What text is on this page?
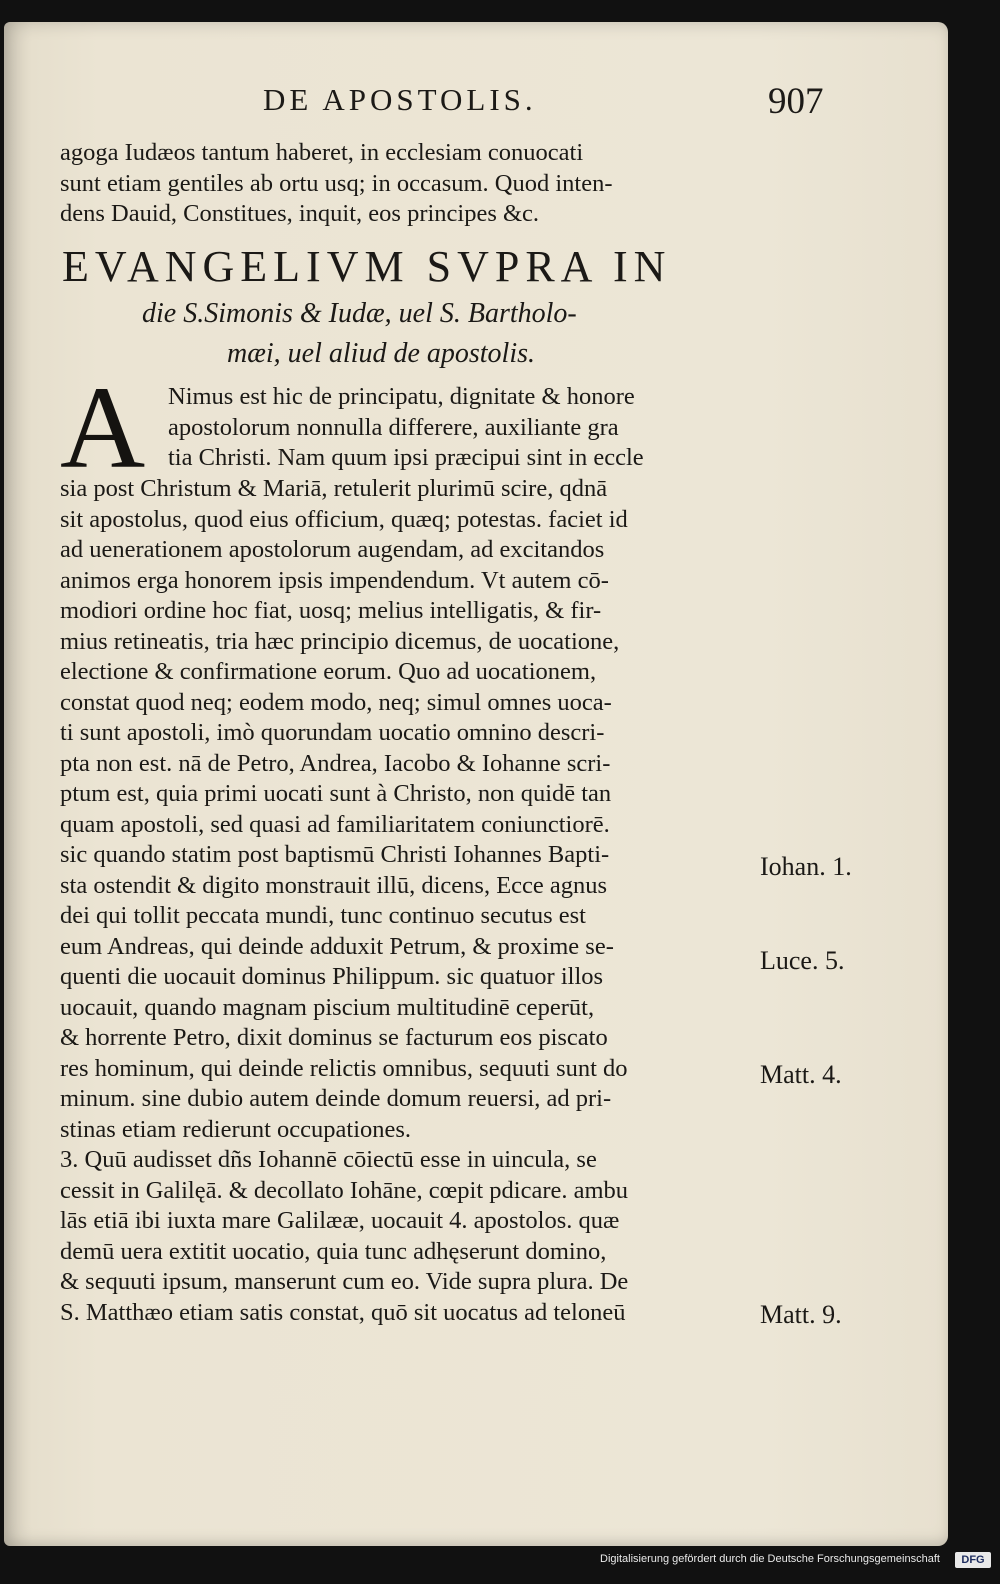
DE APOSTOLIS.	907
agoga Iudæos tantum haberet, in ecclesiam conuocati
sunt etiam gentiles ab ortu usq; in occasum. Quod inten-
dens Dauid, Constitues, inquit, eos principes &c.
EVANGELIVM SVPRA IN
die S.Simonis & Iudæ, uel S. Bartholo-
mæi, uel aliud de apostolis.
A Nimus est hic de principatu, dignitate & honore
apostolorum nonnulla differere, auxiliante gra
tia Christi. Nam quum ipsi præcipui sint in eccle
sia post Christum & Mariā, retulerit plurimū scire, qdnā
sit apostolus, quod eius officium, quæq; potestas. faciet id
ad uenerationem apostolorum augendam, ad excitandos
animos erga honorem ipsis impendendum. Vt autem cō-
modiori ordine hoc fiat, uosq; melius intelligatis, & fir-
mius retineatis, tria hæc principio dicemus, de uocatione,
electione & confirmatione eorum. Quo ad uocationem,
constat quod neq; eodem modo, neq; simul omnes uoca-
ti sunt apostoli, imò quorundam uocatio omnino descri-
pta non est. nā de Petro, Andrea, Iacobo & Iohanne scri-
ptum est, quia primi uocati sunt à Christo, non quidē tan
quam apostoli, sed quasi ad familiaritatem coniunctiorē.
sic quando statim post baptismū Christi Iohannes Bapti-
sta ostendit & digito monstrauit illū, dicens, Ecce agnus
dei qui tollit peccata mundi, tunc continuo secutus est
eum Andreas, qui deinde adduxit Petrum, & proxime se-
quenti die uocauit dominus Philippum. sic quatuor illos
uocauit, quando magnam piscium multitudinē ceperūt,
& horrente Petro, dixit dominus se facturum eos piscato
res hominum, qui deinde relictis omnibus, sequuti sunt do
minum. sine dubio autem deinde domum reuersi, ad pri-
stinas etiam redierunt occupationes.
3. Quū audisset dñs Iohannē cōiectū esse in uincula, se
cessit in Galilęā. & decollato Iohāne, cœpit pdicare. ambu
lās etiā ibi iuxta mare Galilææ, uocauit 4. apostolos. quæ
demū uera extitit uocatio, quia tunc adhęserunt domino,
& sequuti ipsum, manserunt cum eo. Vide supra plura. De
S. Matthæo etiam satis constat, quō sit uocatus ad teloneū
Iohan. 1.
Luce. 5.
Matt. 4.
Matt. 9.
Digitalisierung gefördert durch die Deutsche Forschungsgemeinschaft	DFG
